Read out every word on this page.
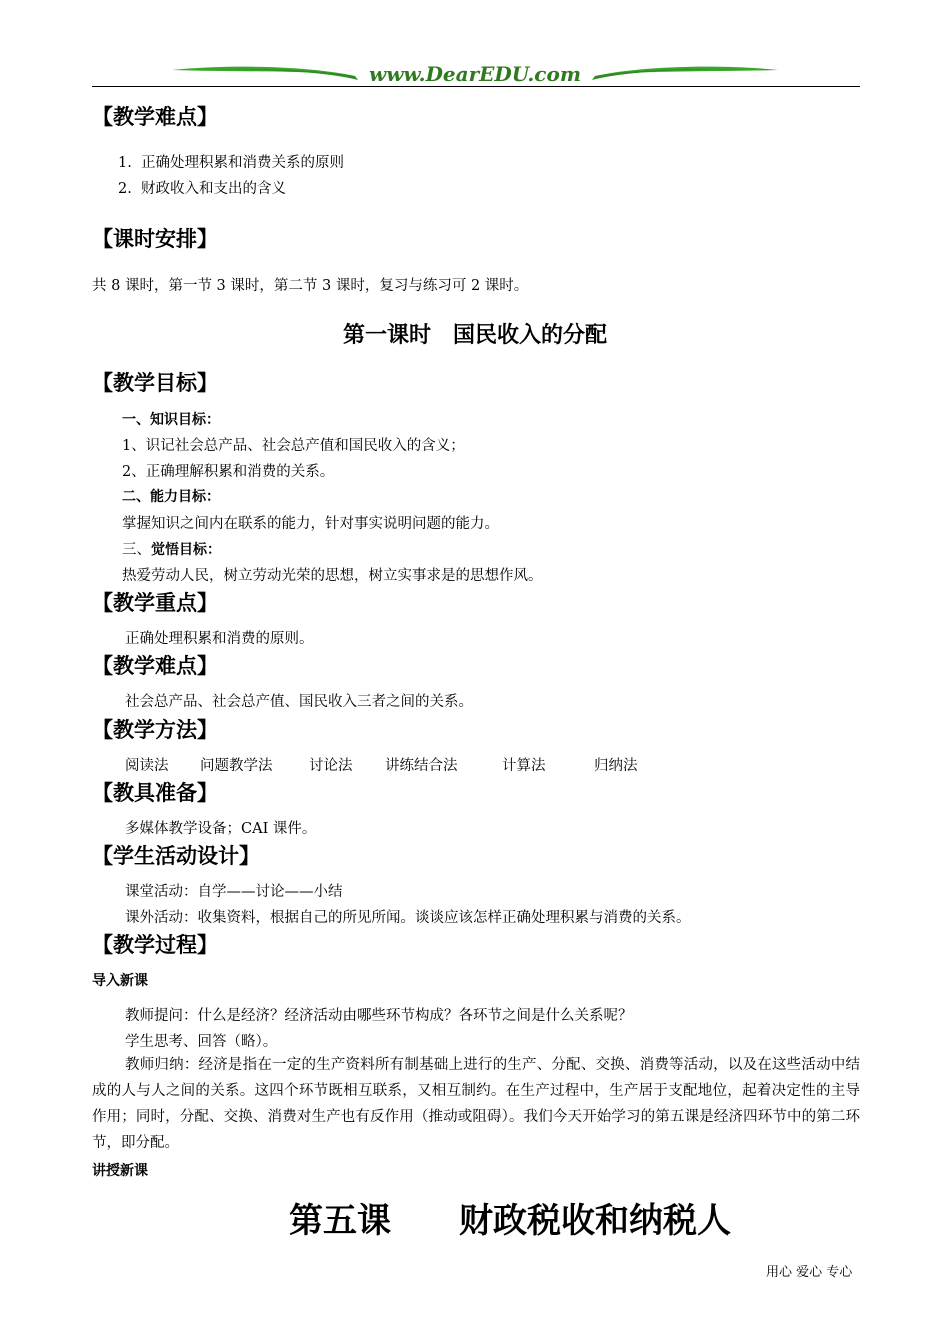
www.DearEDU.com
【教学难点】
1.  正确处理积累和消费关系的原则
2.  财政收入和支出的含义
【课时安排】
共 8 课时，第一节 3 课时，第二节 3 课时，复习与练习可 2 课时。
第一课时　国民收入的分配
【教学目标】
一、知识目标：
1、识记社会总产品、社会总产值和国民收入的含义；
2、正确理解积累和消费的关系。
二、能力目标：
掌握知识之间内在联系的能力，针对事实说明问题的能力。
三、觉悟目标：
热爱劳动人民，树立劳动光荣的思想，树立实事求是的思想作风。
【教学重点】
正确处理积累和消费的原则。
【教学难点】
社会总产品、社会总产值、国民收入三者之间的关系。
【教学方法】
阅读法 问题教学法	讨论法 讲练结合法	计算法	归纳法
【教具准备】
多媒体教学设备；CAI 课件。
【学生活动设计】
课堂活动：自学——讨论——小结
课外活动：收集资料，根据自己的所见所闻。谈谈应该怎样正确处理积累与消费的关系。
【教学过程】
导入新课
教师提问：什么是经济？经济活动由哪些环节构成？各环节之间是什么关系呢？
学生思考、回答（略）。
教师归纳：经济是指在一定的生产资料所有制基础上进行的生产、分配、交换、消费等活动，以及在这些活动中结成的人与人之间的关系。这四个环节既相互联系，又相互制约。在生产过程中，生产居于支配地位，起着决定性的主导作用；同时，分配、交换、消费对生产也有反作用（推动或阻碍）。我们今天开始学习的第五课是经济四环节中的第二环节，即分配。
讲授新课
第五课　　财政税收和纳税人
用心 爱心 专心
